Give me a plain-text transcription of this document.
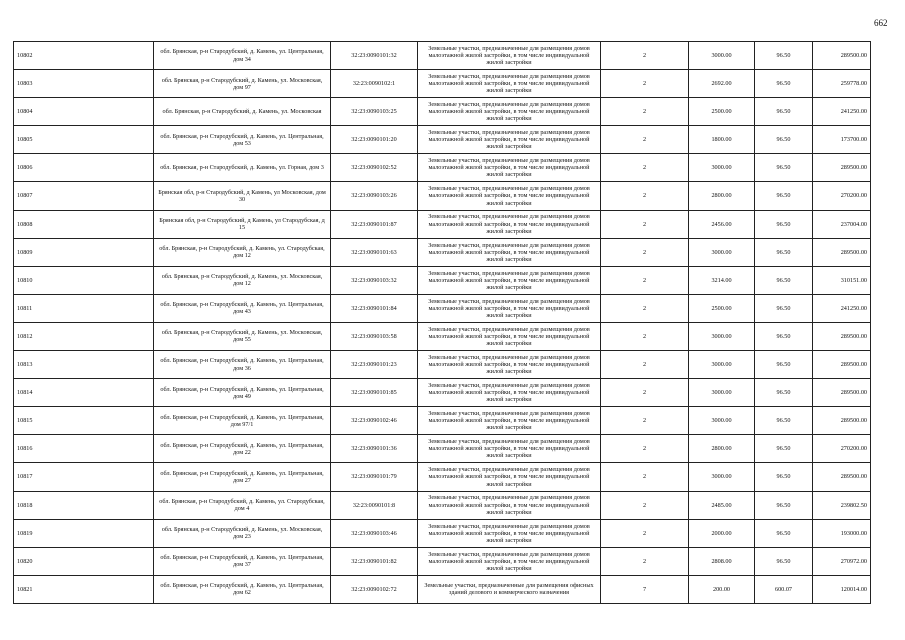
662
10802	обл. Брянская, р-н Стародубский, д. Камень, ул. Центральная, дом 34	32:23:0090101:32	Земельные участки, предназначенные для размещения домов малоэтажной жилой застройки, в том числе индивидуальной жилой застройки	2	3000.00	96.50	289500.00
10803	обл. Брянская, р-н Стародубский, д. Камень, ул. Московская, дом 97	32:23:0090102:1	Земельные участки, предназначенные для размещения домов малоэтажной жилой застройки, в том числе индивидуальной жилой застройки	2	2692.00	96.50	259778.00
10804	обл. Брянская, р-н Стародубский, д. Камень, ул. Московская	32:23:0090103:25	Земельные участки, предназначенные для размещения домов малоэтажной жилой застройки, в том числе индивидуальной жилой застройки	2	2500.00	96.50	241250.00
10805	обл. Брянская, р-н Стародубский, д. Камень, ул. Центральная, дом 53	32:23:0090101:20	Земельные участки, предназначенные для размещения домов малоэтажной жилой застройки, в том числе индивидуальной жилой застройки	2	1800.00	96.50	173700.00
10806	обл. Брянская, р-н Стародубский, д. Камень, ул. Горная, дом 3	32:23:0090102:52	Земельные участки, предназначенные для размещения домов малоэтажной жилой застройки, в том числе индивидуальной жилой застройки	2	3000.00	96.50	289500.00
10807	Брянская обл, р-н Стародубский, д Камень, ул Московская, дом 30	32:23:0090103:26	Земельные участки, предназначенные для размещения домов малоэтажной жилой застройки, в том числе индивидуальной жилой застройки	2	2800.00	96.50	270200.00
10808	Брянская обл, р-н Стародубский, д Камень, ул Стародубская, д 15	32:23:0090101:87	Земельные участки, предназначенные для размещения домов малоэтажной жилой застройки, в том числе индивидуальной жилой застройки	2	2456.00	96.50	237004.00
10809	обл. Брянская, р-н Стародубский, д. Камень, ул. Стародубская, дом 12	32:23:0090101:63	Земельные участки, предназначенные для размещения домов малоэтажной жилой застройки, в том числе индивидуальной жилой застройки	2	3000.00	96.50	289500.00
10810	обл. Брянская, р-н Стародубский, д. Камень, ул. Московская, дом 12	32:23:0090103:32	Земельные участки, предназначенные для размещения домов малоэтажной жилой застройки, в том числе индивидуальной жилой застройки	2	3214.00	96.50	310151.00
10811	обл. Брянская, р-н Стародубский, д. Камень, ул. Центральная, дом 43	32:23:0090101:84	Земельные участки, предназначенные для размещения домов малоэтажной жилой застройки, в том числе индивидуальной жилой застройки	2	2500.00	96.50	241250.00
10812	обл. Брянская, р-н Стародубский, д. Камень, ул. Московская, дом 55	32:23:0090103:58	Земельные участки, предназначенные для размещения домов малоэтажной жилой застройки, в том числе индивидуальной жилой застройки	2	3000.00	96.50	289500.00
10813	обл. Брянская, р-н Стародубский, д. Камень, ул. Центральная, дом 36	32:23:0090101:23	Земельные участки, предназначенные для размещения домов малоэтажной жилой застройки, в том числе индивидуальной жилой застройки	2	3000.00	96.50	289500.00
10814	обл. Брянская, р-н Стародубский, д. Камень, ул. Центральная, дом 49	32:23:0090101:85	Земельные участки, предназначенные для размещения домов малоэтажной жилой застройки, в том числе индивидуальной жилой застройки	2	3000.00	96.50	289500.00
10815	обл. Брянская, р-н Стародубский, д. Камень, ул. Центральная, дом 97/1	32:23:0090102:46	Земельные участки, предназначенные для размещения домов малоэтажной жилой застройки, в том числе индивидуальной жилой застройки	2	3000.00	96.50	289500.00
10816	обл. Брянская, р-н Стародубский, д. Камень, ул. Центральная, дом 22	32:23:0090101:36	Земельные участки, предназначенные для размещения домов малоэтажной жилой застройки, в том числе индивидуальной жилой застройки	2	2800.00	96.50	270200.00
10817	обл. Брянская, р-н Стародубский, д. Камень, ул. Центральная, дом 27	32:23:0090101:79	Земельные участки, предназначенные для размещения домов малоэтажной жилой застройки, в том числе индивидуальной жилой застройки	2	3000.00	96.50	289500.00
10818	обл. Брянская, р-н Стародубский, д. Камень, ул. Стародубская, дом 4	32:23:0090101:8	Земельные участки, предназначенные для размещения домов малоэтажной жилой застройки, в том числе индивидуальной жилой застройки	2	2485.00	96.50	239802.50
10819	обл. Брянская, р-н Стародубский, д. Камень, ул. Московская, дом 23	32:23:0090103:46	Земельные участки, предназначенные для размещения домов малоэтажной жилой застройки, в том числе индивидуальной жилой застройки	2	2000.00	96.50	193000.00
10820	обл. Брянская, р-н Стародубский, д. Камень, ул. Центральная, дом 37	32:23:0090101:82	Земельные участки, предназначенные для размещения домов малоэтажной жилой застройки, в том числе индивидуальной жилой застройки	2	2808.00	96.50	270972.00
10821	обл. Брянская, р-н Стародубский, д. Камень, ул. Центральная, дом 62	32:23:0090102:72	Земельные участки, предназначенные для размещения офисных зданий делового и коммерческого назначения	7	200.00	600.07	120014.00
